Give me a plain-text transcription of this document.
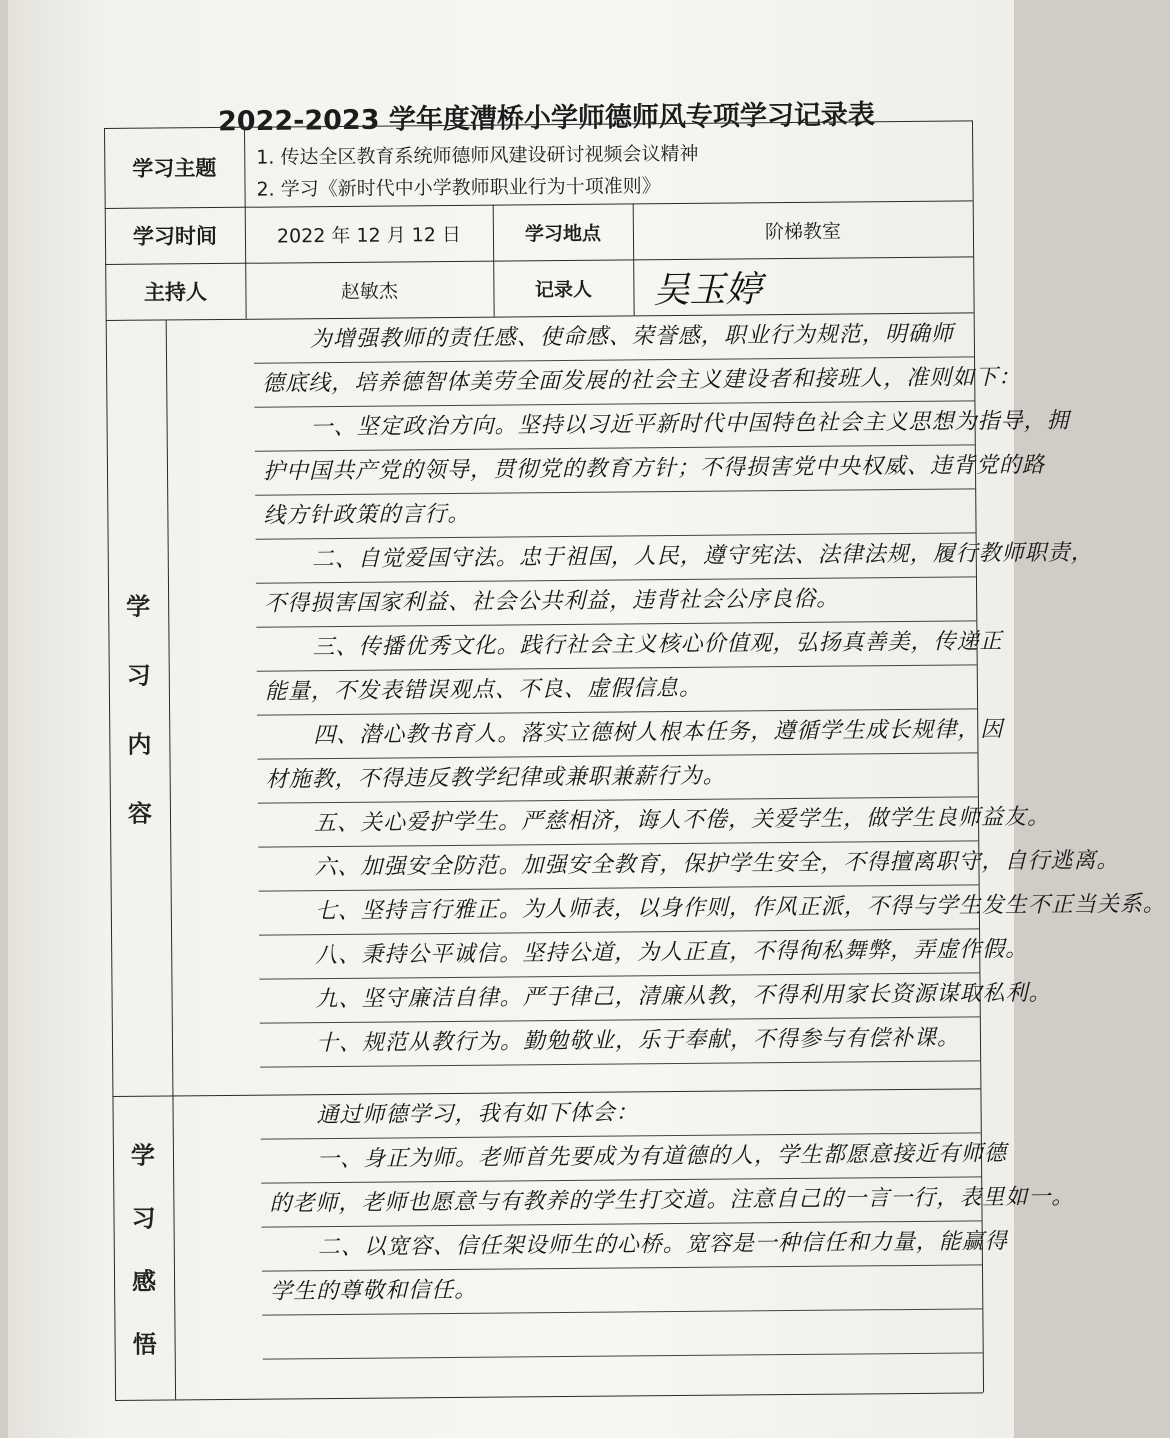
2022-2023 学年度漕桥小学师德师风专项学习记录表
学习主题	1. 传达全区教育系统师德师风建设研讨视频会议精神
2. 学习《新时代中小学教师职业行为十项准则》
学习时间	2022 年 12 月 12 日	学习地点	阶梯教室
主持人	赵敏杰	记录人	吴玉婷
学
习
内
容
为增强教师的责任感、使命感、荣誉感，职业行为规范，明确师
德底线，培养德智体美劳全面发展的社会主义建设者和接班人，准则如下：
一、坚定政治方向。坚持以习近平新时代中国特色社会主义思想为指导，拥
护中国共产党的领导，贯彻党的教育方针；不得损害党中央权威、违背党的路
线方针政策的言行。
二、自觉爱国守法。忠于祖国，人民，遵守宪法、法律法规，履行教师职责，
不得损害国家利益、社会公共利益，违背社会公序良俗。
三、传播优秀文化。践行社会主义核心价值观，弘扬真善美，传递正
能量，不发表错误观点、不良、虚假信息。
四、潜心教书育人。落实立德树人根本任务，遵循学生成长规律，因
材施教，不得违反教学纪律或兼职兼薪行为。
五、关心爱护学生。严慈相济，诲人不倦，关爱学生，做学生良师益友。
六、加强安全防范。加强安全教育，保护学生安全，不得擅离职守，自行逃离。
七、坚持言行雅正。为人师表，以身作则，作风正派，不得与学生发生不正当关系。
八、秉持公平诚信。坚持公道，为人正直，不得徇私舞弊，弄虚作假。
九、坚守廉洁自律。严于律己，清廉从教，不得利用家长资源谋取私利。
十、规范从教行为。勤勉敬业，乐于奉献，不得参与有偿补课。
学
习
感
悟
通过师德学习，我有如下体会：
一、身正为师。老师首先要成为有道德的人，学生都愿意接近有师德
的老师，老师也愿意与有教养的学生打交道。注意自己的一言一行，表里如一。
二、以宽容、信任架设师生的心桥。宽容是一种信任和力量，能赢得
学生的尊敬和信任。
